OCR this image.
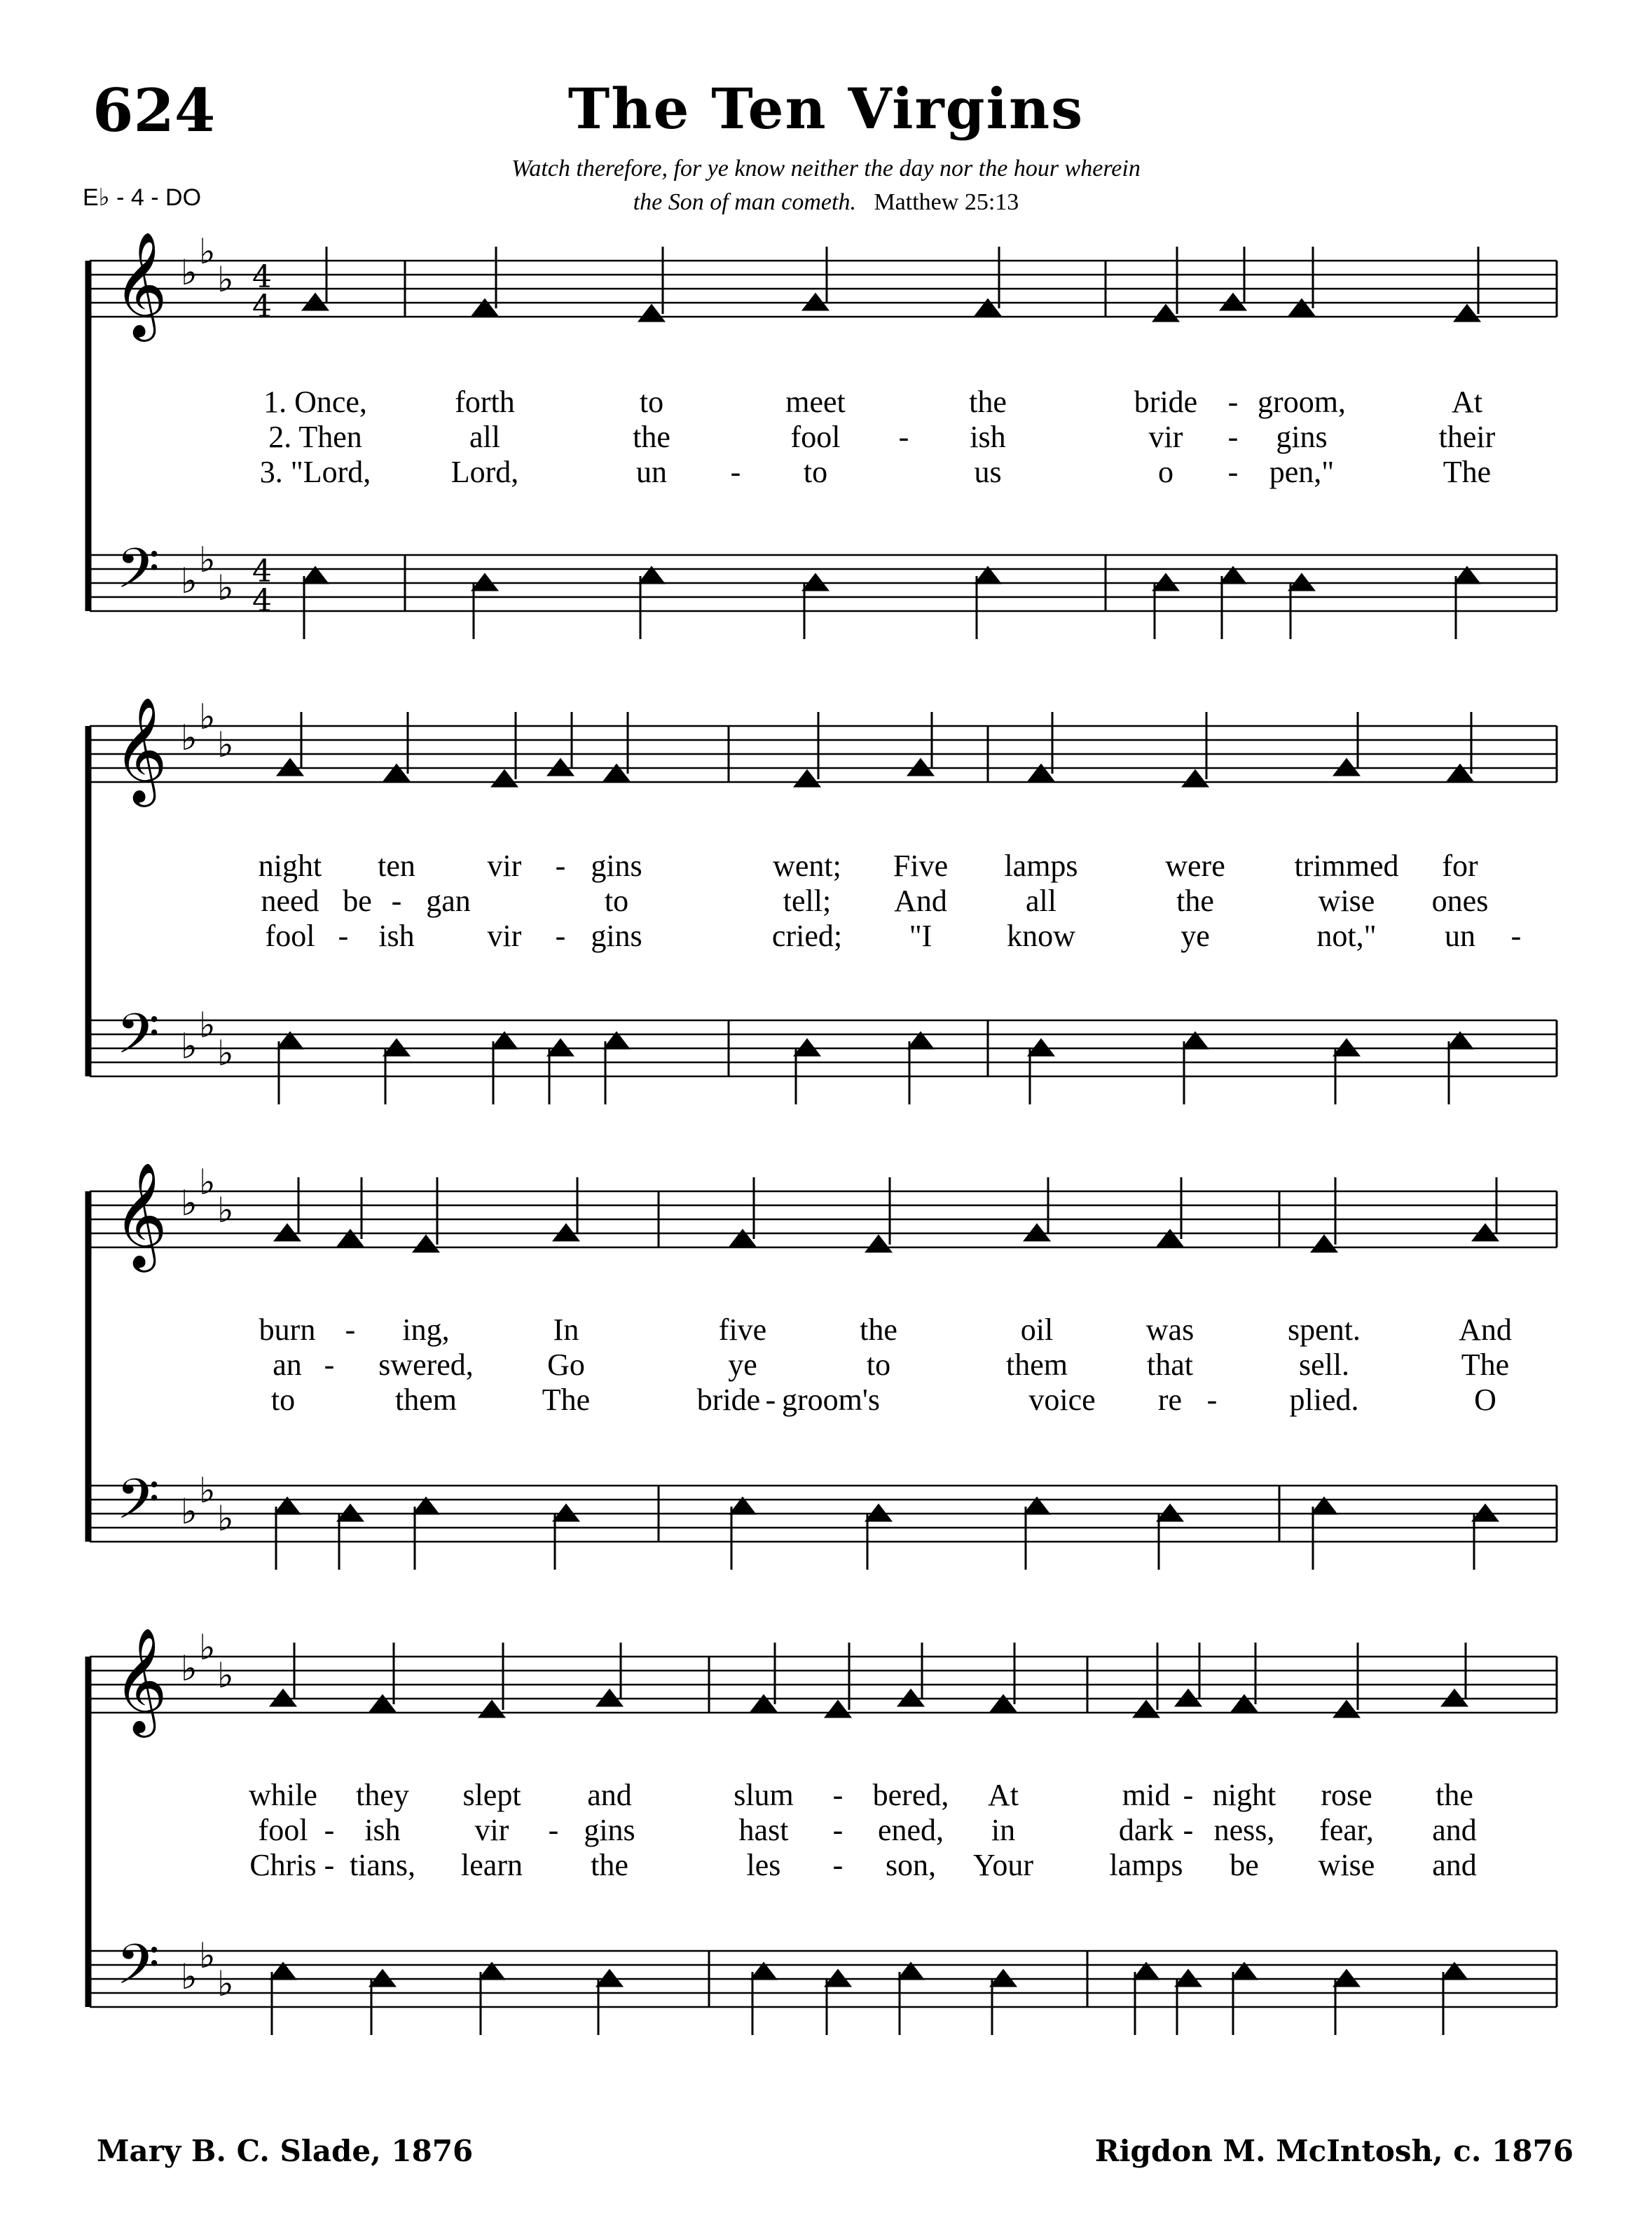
624	The Ten Virgins
E♭ - 4 - DO
Watch therefore, for ye know neither the day nor the hour wherein
the Son of man cometh. Matthew 25:13
𝄞 ♭
♭
♭ 4
4
𝄢 ♭
♭
♭ 4
4
𝄞 ♭
♭
♭
𝄢 ♭
♭
♭
𝄞 ♭
♭
♭
𝄢 ♭
♭
♭
𝄞 ♭
♭
♭
𝄢 ♭
♭
♭
1. Once,	forth	to	meet	the	bride - groom,	At
2. Then	all	the	fool - ish	vir - gins	their
3. "Lord,	Lord,	un - to	us	o - pen,"	The
night ten vir - gins	went; Five lamps	were trimmed for
need be - gan	to	tell; And	all	the	wise ones
fool - ish vir - gins	cried; "I know	ye	not," un -
burn - ing,	In	five	the	oil	was	spent.	And
an - swered, Go	ye	to	them	that	sell.	The
to	them	The	bride - groom's	voice re - plied.	O
while they slept and	slum - bered, At	mid - night rose the
fool - ish vir - gins	hast - ened, in	dark - ness, fear, and
Chris - tians, learn the	les - son, Your lamps be wise and
Mary B. C. Slade, 1876	Rigdon M. McIntosh, c. 1876
